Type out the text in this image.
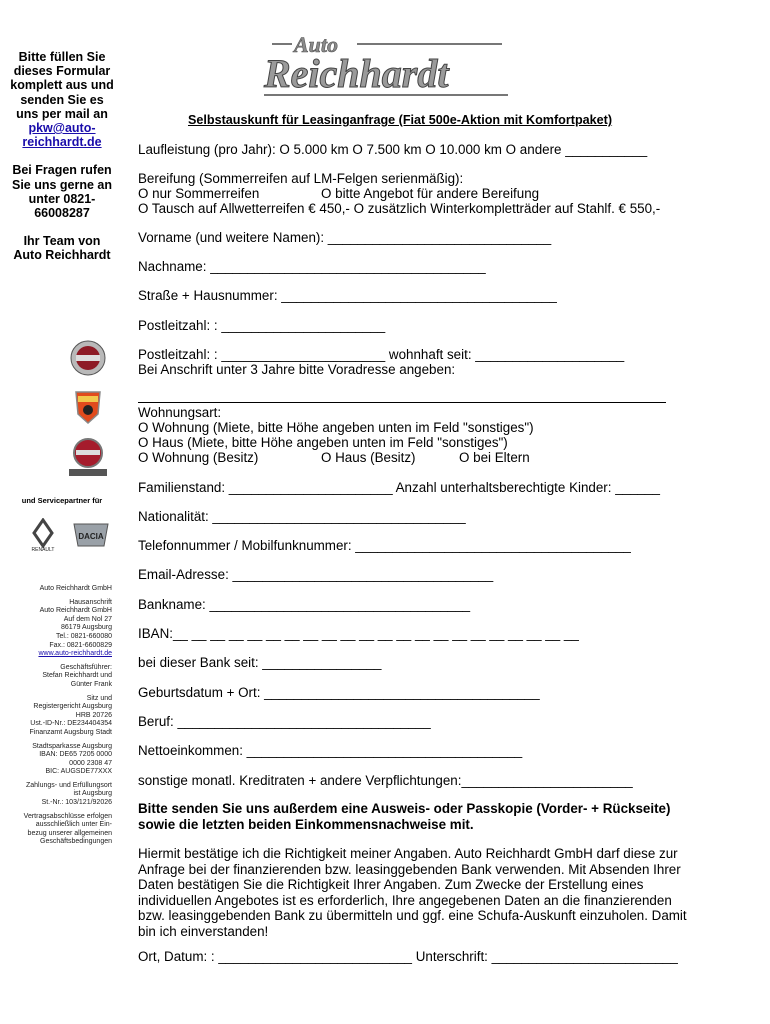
Bitte füllen Sie dieses Formular komplett aus und senden Sie es uns per mail an pkw@auto-reichhardt.de

Bei Fragen rufen Sie uns gerne an unter 0821-66008287

Ihr Team von Auto Reichhardt

und Servicepartner für
RENAULT
DACIA

Auto Reichhardt GmbH

Hausanschrift
Auto Reichhardt GmbH
Auf dem Nol 27
86179 Augsburg
Tel.: 0821-660080
Fax.: 0821-6600829
www.auto-reichhardt.de

Geschäftsführer:
Stefan Reichhardt und
Günter Frank

Sitz und
Registergericht Augsburg
HRB 20726
Ust.-ID-Nr.: DE234404354
Finanzamt Augsburg Stadt

Stadtsparkasse Augsburg
IBAN: DE65 7205 0000
0000 2308 47
BIC: AUGSDE77XXX

Zahlungs- und Erfüllungsort
ist Augsburg
St.-Nr.: 103/121/92026

Vertragsabschlüsse erfolgen
ausschließlich unter Ein-
bezug unserer allgemeinen
Geschäftsbedingungen

Auto
Reichhardt
Selbstauskunft für Leasinganfrage (Fiat 500e-Aktion mit Komfortpaket)
Laufleistung (pro Jahr): O 5.000 km O 7.500 km O 10.000 km O andere ___________
Bereifung (Sommerreifen auf LM-Felgen serienmäßig):
O nur Sommerreifen	O bitte Angebot für andere Bereifung
O Tausch auf Allwetterreifen € 450,- O zusätzlich Winterkompletträder auf Stahlf. € 550,-
Vorname (und weitere Namen): ______________________________
Nachname: _____________________________________
Straße + Hausnummer: _____________________________________
Postleitzahl: : ______________________
Postleitzahl: : ______________________ wohnhaft seit: ____________________
Bei Anschrift unter 3 Jahre bitte Voradresse angeben:
Wohnungsart:
O Wohnung (Miete, bitte Höhe angeben unten im Feld "sonstiges")
O Haus (Miete, bitte Höhe angeben unten im Feld "sonstiges")
O Wohnung (Besitz)	O Haus (Besitz)	O bei Eltern
Familienstand: ______________________ Anzahl unterhaltsberechtigte Kinder: ______
Nationalität: __________________________________
Telefonnummer / Mobilfunknummer: _____________________________________
Email-Adresse: ___________________________________
Bankname: ___________________________________
IBAN:__ __ __ __ __ __ __ __ __ __ __ __ __ __ __ __ __ __ __ __ __ __
bei dieser Bank seit: ________________
Geburtsdatum + Ort: _____________________________________
Beruf: __________________________________
Nettoeinkommen: _____________________________________
sonstige monatl. Kreditraten + andere Verpflichtungen:_______________________
Bitte senden Sie uns außerdem eine Ausweis- oder Passkopie (Vorder- + Rückseite) sowie die letzten beiden Einkommensnachweise mit.
Hiermit bestätige ich die Richtigkeit meiner Angaben. Auto Reichhardt GmbH darf diese zur Anfrage bei der finanzierenden bzw. leasinggebenden Bank verwenden. Mit Absenden Ihrer Daten bestätigen Sie die Richtigkeit Ihrer Angaben. Zum Zwecke der Erstellung eines individuellen Angebotes ist es erforderlich, Ihre angegebenen Daten an die finanzierenden bzw. leasinggebenden Bank zu übermitteln und ggf. eine Schufa-Auskunft einzuholen. Damit bin ich einverstanden!
Ort, Datum: : __________________________ Unterschrift: _________________________
